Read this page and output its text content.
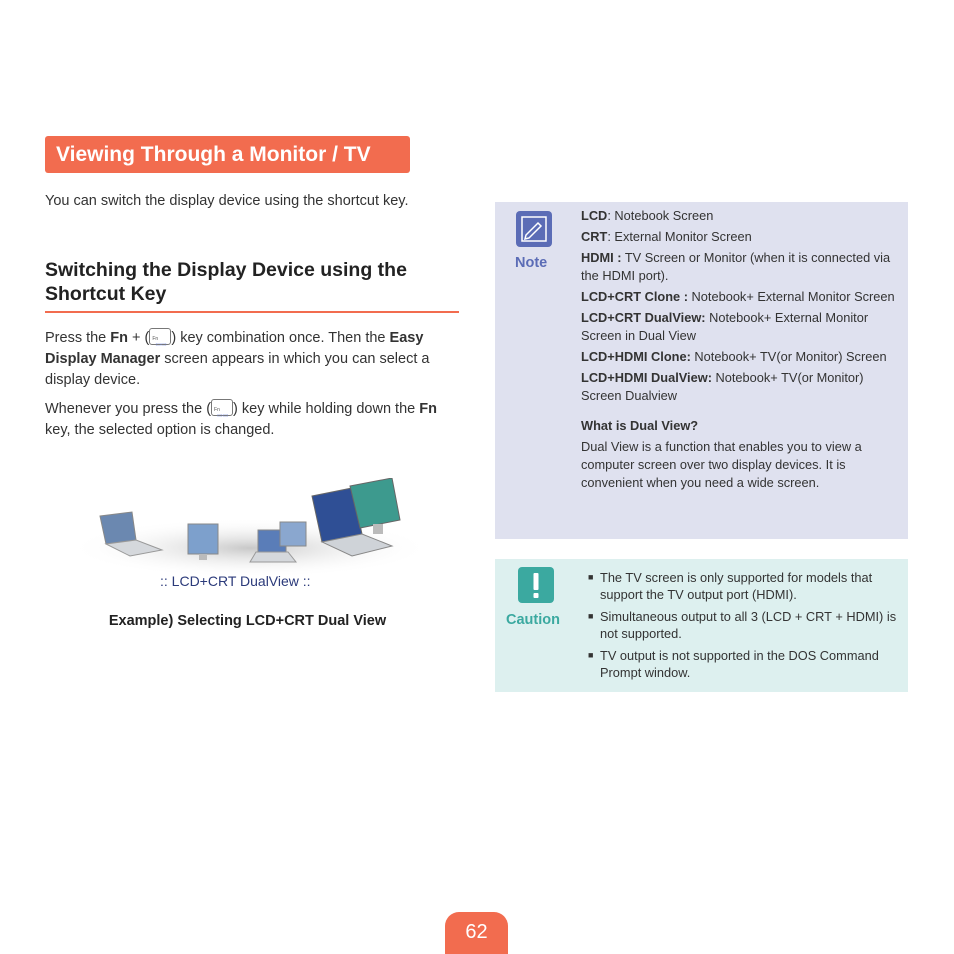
Viewing Through a Monitor / TV
You can switch the display device using the shortcut key.
Switching the Display Device using the Shortcut Key
Press the Fn + ( Fn
▭▭ ) key combination once. Then the Easy Display Manager screen appears in which you can select a display device.
Whenever you press the ( Fn
▭▭ ) key while holding down the Fn key, the selected option is changed.
:: LCD+CRT DualView ::
Example) Selecting LCD+CRT Dual View
Note

LCD: Notebook Screen

CRT: External Monitor Screen

HDMI : TV Screen or Monitor (when it is connected via the HDMI port).

LCD+CRT Clone : Notebook+ External Monitor Screen

LCD+CRT DualView: Notebook+ External Monitor Screen in Dual View

LCD+HDMI Clone: Notebook+ TV(or Monitor) Screen

LCD+HDMI DualView: Notebook+ TV(or Monitor) Screen Dualview

What is Dual View?

Dual View is a function that enables you to view a computer screen over two display devices. It is convenient when you need a wide screen.

Caution
■ The TV screen is only supported for models that support the TV output port (HDMI).
■ Simultaneous output to all 3 (LCD + CRT + HDMI) is not supported.
■ TV output is not supported in the DOS Command Prompt window.
62
